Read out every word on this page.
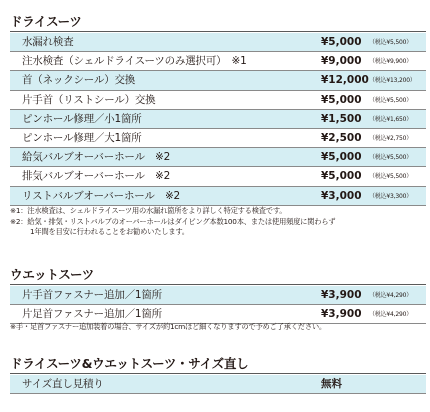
ドライスーツ
水漏れ検査	¥5,000 （税込¥5,500）
注水検査（シェルドライスーツのみ選択可）　※1	¥9,000 （税込¥9,900）
首（ネックシール）交換	¥12,000 （税込¥13,200）
片手首（リストシール）交換	¥5,000 （税込¥5,500）
ピンホール修理／小1箇所	¥1,500 （税込¥1,650）
ピンホール修理／大1箇所	¥2,500 （税込¥2,750）
給気バルブオーバーホール　※2	¥5,000 （税込¥5,500）
排気バルブオーバーホール　※2	¥5,000 （税込¥5,500）
リストバルブオーバーホール　※2	¥3,000 （税込¥3,300）
※1：注水検査は、シェルドライスーツ用の水漏れ箇所をより詳しく特定する検査です。
※2：給気・排気・リストバルブのオーバーホールはダイビング本数100本、または使用頻度に関わらず
1年間を目安に行われることをお勧めいたします。
ウエットスーツ
片手首ファスナー追加／1箇所	¥3,900 （税込¥4,290）
片足首ファスナー追加／1箇所	¥3,900 （税込¥4,290）
※手・足首ファスナー追加装着の場合、サイズが約1cmほど細くなりますので予めご了承ください。
ドライスーツ&ウエットスーツ・サイズ直し
サイズ直し見積り	無料
